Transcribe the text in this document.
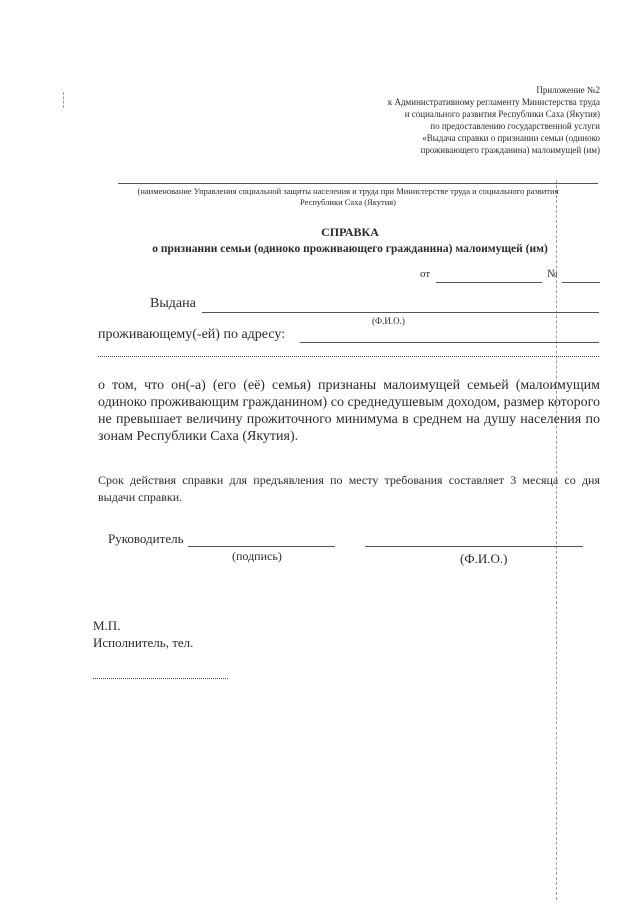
Приложение №2
к Административному регламенту Министерства труда
и социального развития Республики Саха (Якутия)
по предоставлению государственной услуги
«Выдача справки о признании семьи (одиноко
проживающего гражданина) малоимущей (им)
(наименование Управления социальной защиты населения и труда при Министерстве труда и социального развития
Республики Саха (Якутия)
СПРАВКА
о признании семьи (одиноко проживающего гражданина) малоимущей (им)
от	№
Выдана
(Ф.И.О.)
проживающему(-ей) по адресу:
о том, что он(-а) (его (её) семья) признаны малоимущей семьей (малоимущим одиноко проживающим гражданином) со среднедушевым доходом, размер которого не превышает величину прожиточного минимума в среднем на душу населения по зонам Республики Саха (Якутия).
Срок действия справки для предъявления по месту требования составляет 3 месяца со дня выдачи справки.
Руководитель
(подпись)	(Ф.И.О.)
М.П.
Исполнитель, тел.
